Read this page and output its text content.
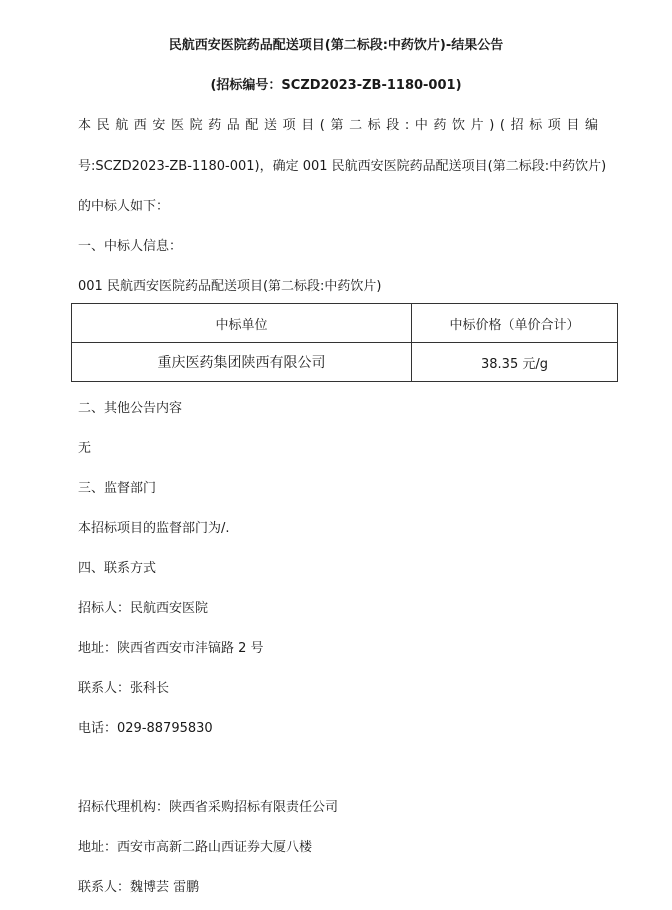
民航西安医院药品配送项目(第二标段:中药饮片)-结果公告
(招标编号：SCZD2023-ZB-1180-001)
本民航西安医院药品配送项目(第二标段:中药饮片)(招标项目编
号:SCZD2023-ZB-1180-001)，确定 001 民航西安医院药品配送项目(第二标段:中药饮片)
的中标人如下：
一、中标人信息：
001 民航西安医院药品配送项目(第二标段:中药饮片)
中标单位	中标价格（单价合计）
重庆医药集团陕西有限公司	38.35 元/g
二、其他公告内容
无
三、监督部门
本招标项目的监督部门为/.
四、联系方式
招标人：民航西安医院
地址：陕西省西安市沣镐路 2 号
联系人：张科长
电话：029-88795830
招标代理机构：陕西省采购招标有限责任公司
地址：西安市高新二路山西证券大厦八楼
联系人：魏博芸 雷鹏
